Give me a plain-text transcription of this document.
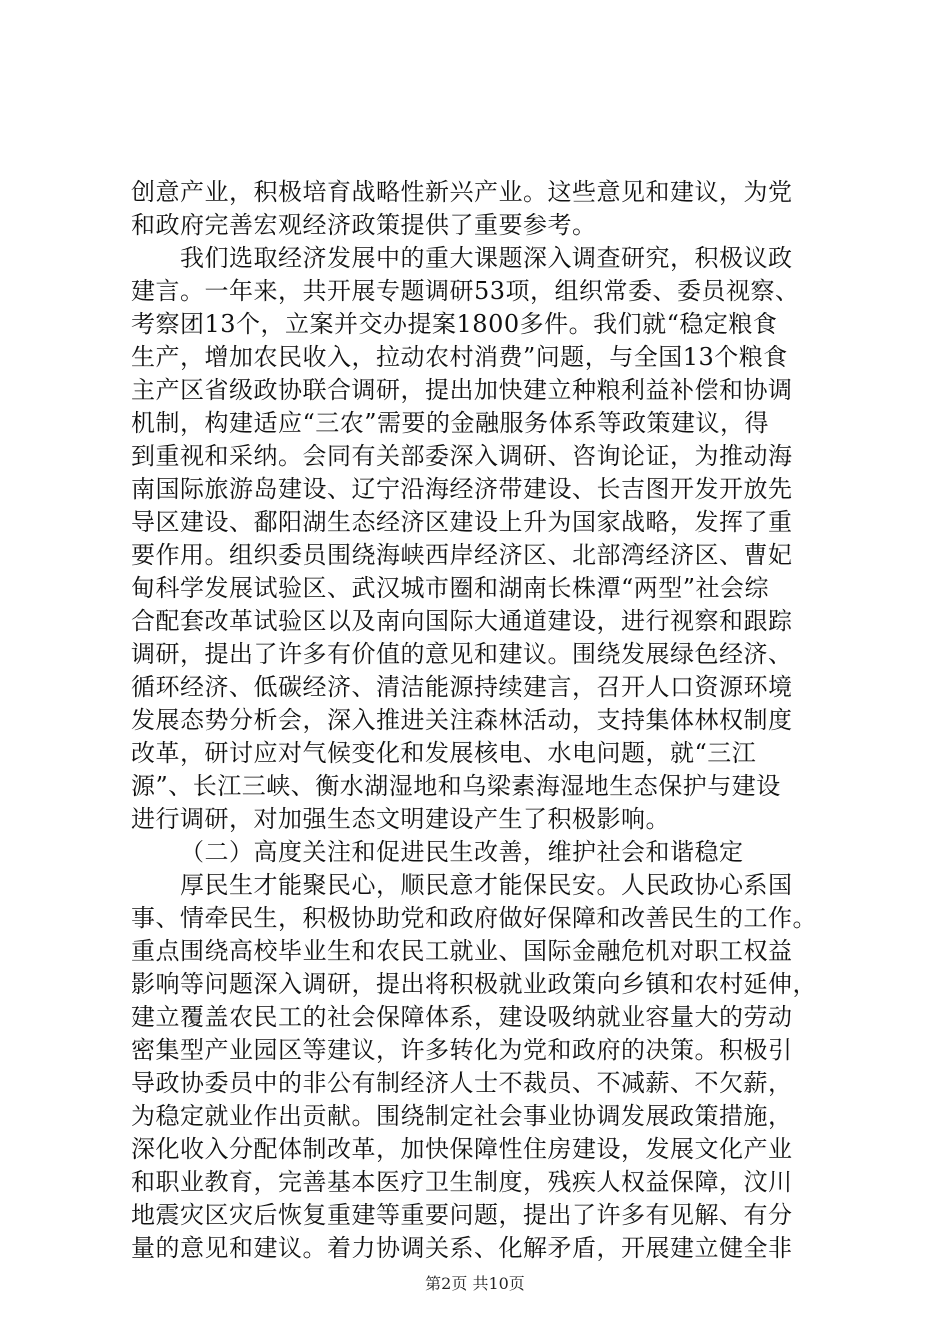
创意产业，积极培育战略性新兴产业。这些意见和建议，为党
和政府完善宏观经济政策提供了重要参考。
我们选取经济发展中的重大课题深入调查研究，积极议政
建言。一年来，共开展专题调研53项，组织常委、委员视察、
考察团13个，立案并交办提案1800多件。我们就“稳定粮食
生产，增加农民收入，拉动农村消费”问题，与全国13个粮食
主产区省级政协联合调研，提出加快建立种粮利益补偿和协调
机制，构建适应“三农”需要的金融服务体系等政策建议，得
到重视和采纳。会同有关部委深入调研、咨询论证，为推动海
南国际旅游岛建设、辽宁沿海经济带建设、长吉图开发开放先
导区建设、鄱阳湖生态经济区建设上升为国家战略，发挥了重
要作用。组织委员围绕海峡西岸经济区、北部湾经济区、曹妃
甸科学发展试验区、武汉城市圈和湖南长株潭“两型”社会综
合配套改革试验区以及南向国际大通道建设，进行视察和跟踪
调研，提出了许多有价值的意见和建议。围绕发展绿色经济、
循环经济、低碳经济、清洁能源持续建言，召开人口资源环境
发展态势分析会，深入推进关注森林活动，支持集体林权制度
改革，研讨应对气候变化和发展核电、水电问题，就“三江
源”、长江三峡、衡水湖湿地和乌梁素海湿地生态保护与建设
进行调研，对加强生态文明建设产生了积极影响。
（二）高度关注和促进民生改善，维护社会和谐稳定
厚民生才能聚民心，顺民意才能保民安。人民政协心系国
事、情牵民生，积极协助党和政府做好保障和改善民生的工作。
重点围绕高校毕业生和农民工就业、国际金融危机对职工权益
影响等问题深入调研，提出将积极就业政策向乡镇和农村延伸，
建立覆盖农民工的社会保障体系，建设吸纳就业容量大的劳动
密集型产业园区等建议，许多转化为党和政府的决策。积极引
导政协委员中的非公有制经济人士不裁员、不减薪、不欠薪，
为稳定就业作出贡献。围绕制定社会事业协调发展政策措施，
深化收入分配体制改革，加快保障性住房建设，发展文化产业
和职业教育，完善基本医疗卫生制度，残疾人权益保障，汶川
地震灾区灾后恢复重建等重要问题，提出了许多有见解、有分
量的意见和建议。着力协调关系、化解矛盾，开展建立健全非
第2页 共10页
